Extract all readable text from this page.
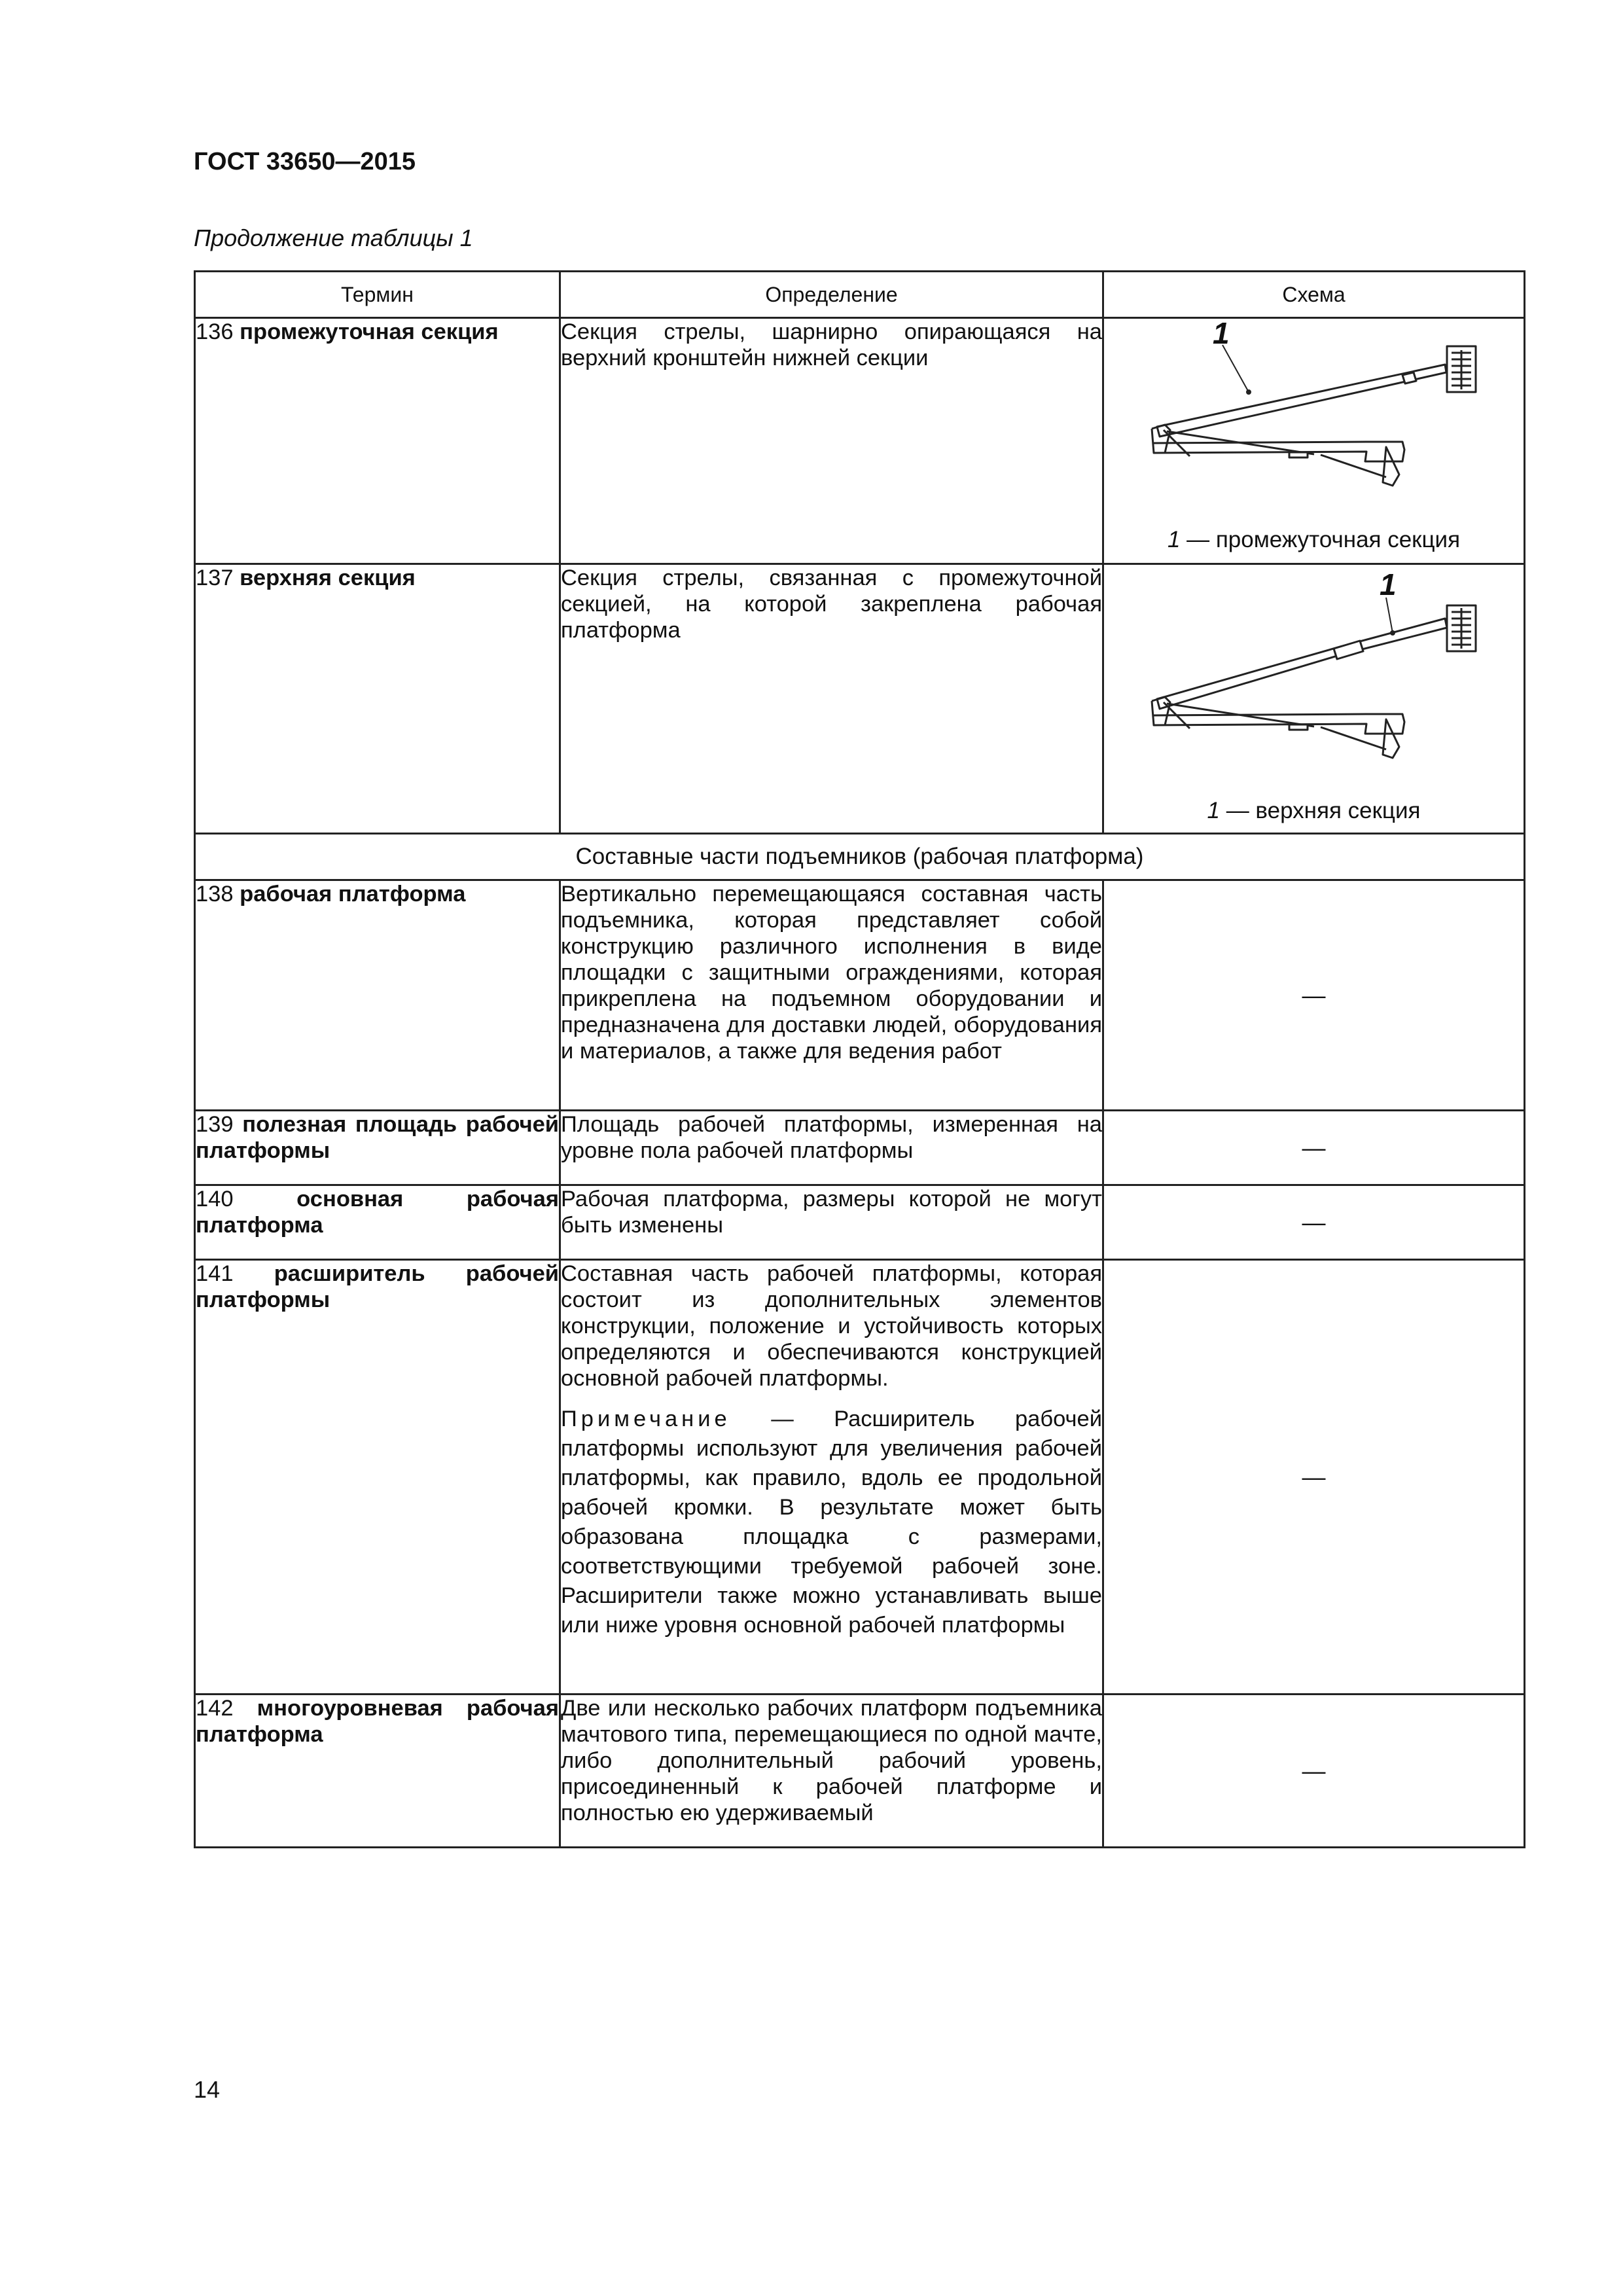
ГОСТ 33650—2015
Продолжение таблицы 1
Термин	Определение	Схема
136 промежуточная секция	Секция стрелы, шарнирно опирающаяся на верхний кронштейн нижней секции	1
1 — промежуточная секция

137 верхняя секция	Секция стрелы, связанная с промежуточной секцией, на которой закреплена рабочая платформа	1
1 — верхняя секция

Составные части подъемников (рабочая платформа)		
138 рабочая платформа	Вертикально перемещающаяся составная часть подъемника, которая представляет собой конструкцию различного исполнения в виде площадки с защитными ограждениями, которая прикреплена на подъемном оборудовании и предназначена для доставки людей, оборудования и материалов, а также для ведения работ	—
139 полезная площадь рабочей платформы	Площадь рабочей платформы, измеренная на уровне пола рабочей платформы	—
140 основная рабочая платформа	Рабочая платформа, размеры которой не могут быть изменены	—
141 расширитель рабочей платформы	Составная часть рабочей платформы, которая состоит из дополнительных элементов конструкции, положение и устойчивость которых определяются и обеспечиваются конструкцией основной рабочей платформы.

Примечание — Расширитель рабочей платформы используют для увеличения рабочей платформы, как правило, вдоль ее продольной рабочей кромки. В результате может быть образована площадка с размерами, соответствующими требуемой рабочей зоне. Расширители также можно устанавливать выше или ниже уровня основной рабочей платформы	—
142 многоуровневая рабочая платформа	Две или несколько рабочих платформ подъемника мачтового типа, перемещающиеся по одной мачте, либо дополнительный рабочий уровень, присоединенный к рабочей платформе и полностью ею удерживаемый	—
14
